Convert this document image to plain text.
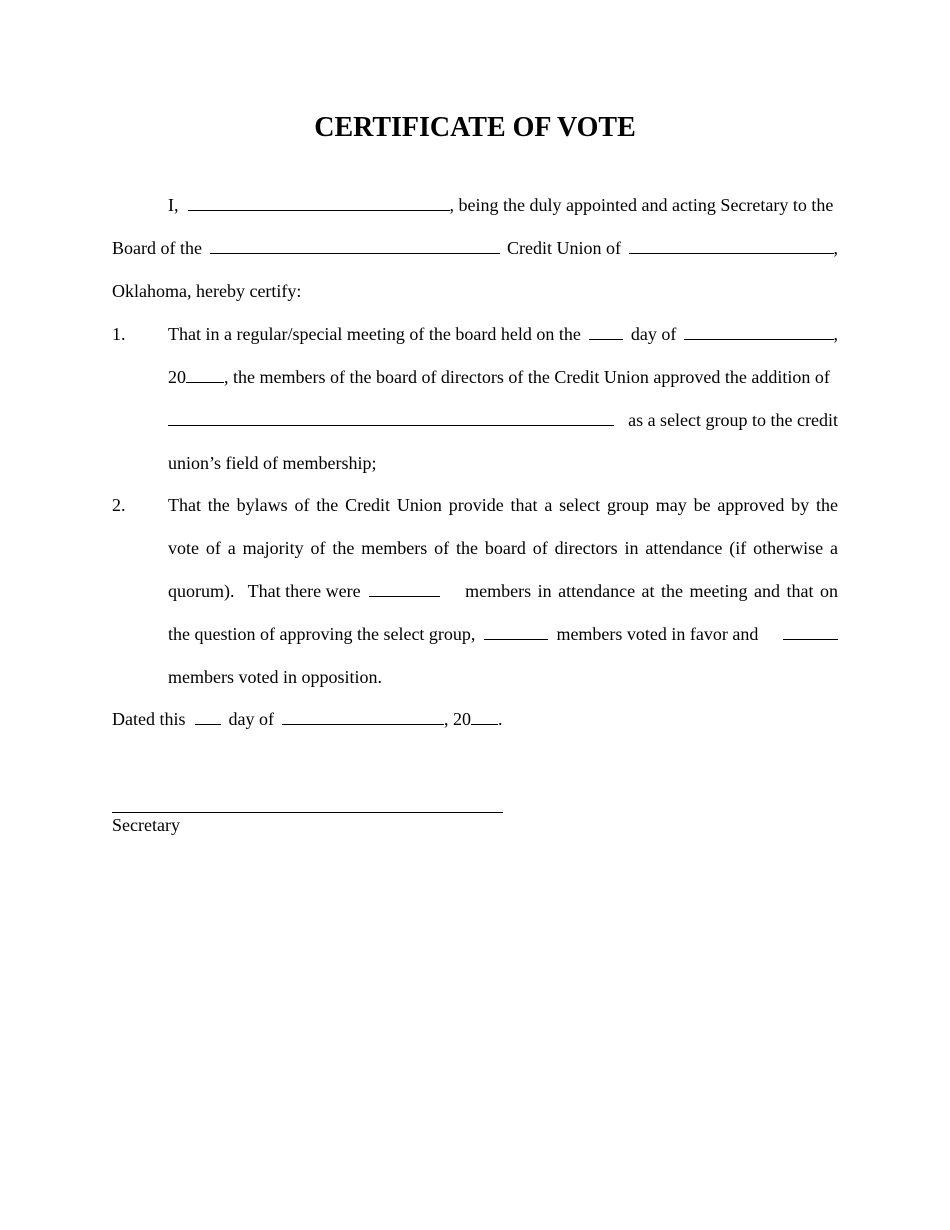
CERTIFICATE OF VOTE
I,	, being the duly appointed and acting Secretary to the
Board of the	Credit Union of	,
Oklahoma, hereby certify:
1.	That in a regular/special meeting of the board held on the	day of	,
20 , the members of the board of directors of the Credit Union approved the addition of
as a select group to the credit
union’s field of membership;
2.	That the bylaws of the Credit Union provide that a select group may be approved by the
vote of a majority of the members of the board of directors in attendance (if otherwise a
quorum).   That there were	members in attendance at the meeting and that on
the question of approving the select group,	members voted in favor and
members voted in opposition.
Dated this day of	, 20 .
Secretary
